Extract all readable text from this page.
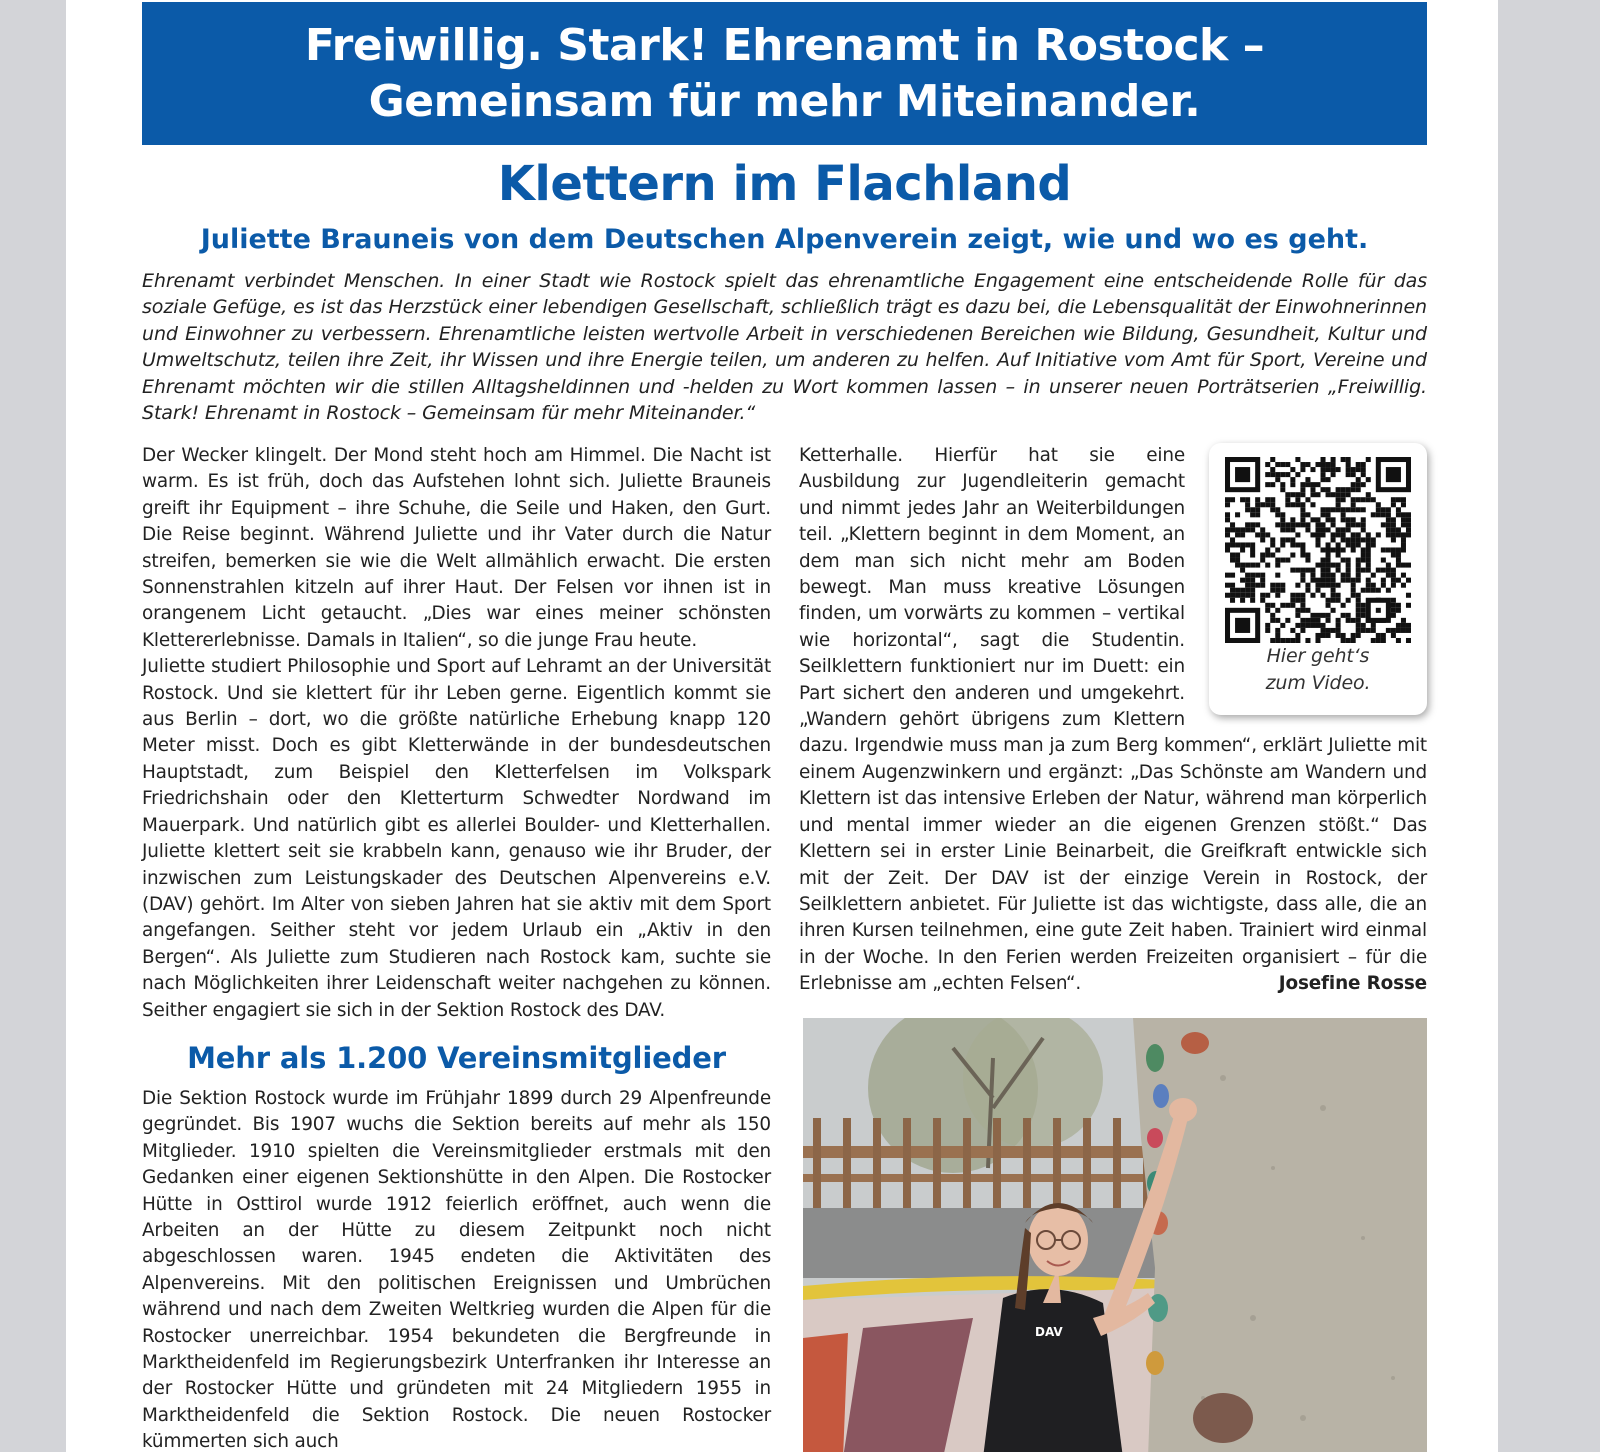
Freiwillig. Stark! Ehrenamt in Rostock –
Gemeinsam für mehr Miteinander.
Klettern im Flachland
Juliette Brauneis von dem Deutschen Alpenverein zeigt, wie und wo es geht.
Ehrenamt verbindet Menschen. In einer Stadt wie Rostock spielt das ehrenamtliche Engagement eine entscheidende Rolle für das soziale Gefüge, es ist das Herzstück einer lebendigen Gesellschaft, schließlich trägt es dazu bei, die Lebensqualität der Einwohnerinnen und Einwohner zu verbessern. Ehrenamtliche leisten wertvolle Arbeit in verschiedenen Bereichen wie Bildung, Gesundheit, Kultur und Umweltschutz, teilen ihre Zeit, ihr Wissen und ihre Energie teilen, um anderen zu helfen. Auf Initiative vom Amt für Sport, Vereine und Ehrenamt möchten wir die stillen Alltagsheldinnen und -helden zu Wort kommen lassen – in unserer neuen Porträtserien „Freiwillig. Stark! Ehrenamt in Rostock – Gemeinsam für mehr Miteinander.“

Der Wecker klingelt. Der Mond steht hoch am Himmel. Die Nacht ist warm. Es ist früh, doch das Aufstehen lohnt sich. Juliette Brauneis greift ihr Equipment – ihre Schuhe, die Seile und Haken, den Gurt. Die Reise beginnt. Während Juliette und ihr Vater durch die Natur streifen, bemerken sie wie die Welt allmählich erwacht. Die ersten Sonnenstrahlen kitzeln auf ihrer Haut. Der Felsen vor ihnen ist in orangenem Licht getaucht. „Dies war eines meiner schönsten Klettererlebnisse. Damals in Italien“, so die junge Frau heute.

Juliette studiert Philosophie und Sport auf Lehramt an der Universität Rostock. Und sie klettert für ihr Leben gerne. Eigentlich kommt sie aus Berlin – dort, wo die größte natürliche Erhebung knapp 120 Meter misst. Doch es gibt Kletterwände in der bundesdeutschen Hauptstadt, zum Beispiel den Kletterfelsen im Volkspark Friedrichshain oder den Kletterturm Schwedter Nordwand im Mauerpark. Und natürlich gibt es allerlei Boulder- und Kletterhallen. Juliette klettert seit sie krabbeln kann, genauso wie ihr Bruder, der inzwischen zum Leistungskader des Deutschen Alpenvereins e.V. (DAV) gehört. Im Alter von sieben Jahren hat sie aktiv mit dem Sport angefangen. Seither steht vor jedem Urlaub ein „Aktiv in den Bergen“. Als Juliette zum Studieren nach Rostock kam, suchte sie nach Möglichkeiten ihrer Leidenschaft weiter nachgehen zu können. Seither engagiert sie sich in der Sektion Rostock des DAV.

Mehr als 1.200 Vereinsmitglieder

Die Sektion Rostock wurde im Frühjahr 1899 durch 29 Alpenfreunde gegründet. Bis 1907 wuchs die Sektion bereits auf mehr als 150 Mitglieder. 1910 spielten die Vereinsmitglieder erstmals mit den Gedanken einer eigenen Sektionshütte in den Alpen. Die Rostocker Hütte in Osttirol wurde 1912 feierlich eröffnet, auch wenn die Arbeiten an der Hütte zu diesem Zeitpunkt noch nicht abgeschlossen waren. 1945 endeten die Aktivitäten des Alpenvereins. Mit den politischen Ereignissen und Umbrüchen während und nach dem Zweiten Weltkrieg wurden die Alpen für die Rostocker unerreichbar. 1954 bekundeten die Bergfreunde in Marktheidenfeld im Regierungsbezirk Unterfranken ihr Interesse an der Rostocker Hütte und gründeten mit 24 Mitgliedern 1955 in Marktheidenfeld die Sektion Rostock. Die neuen Rostocker kümmerten sich auch

Hier geht‘s
zum Video.

Ketterhalle. Hierfür hat sie eine Ausbildung zur Jugendleiterin gemacht und nimmt jedes Jahr an Weiterbildungen teil. „Klettern beginnt in dem Moment, an dem man sich nicht mehr am Boden bewegt. Man muss kreative Lösungen finden, um vorwärts zu kommen – vertikal wie horizontal“, sagt die Studentin. Seilklettern funktioniert nur im Duett: ein Part sichert den anderen und umgekehrt. „Wandern gehört übrigens zum Klettern dazu. Irgendwie muss man ja zum Berg kommen“, erklärt Juliette mit einem Augenzwinkern und ergänzt: „Das Schönste am Wandern und Klettern ist das intensive Erleben der Natur, während man körperlich und mental immer wieder an die eigenen Grenzen stößt.“ Das Klettern sei in erster Linie Beinarbeit, die Greifkraft entwickle sich mit der Zeit. Der DAV ist der einzige Verein in Rostock, der Seilklettern anbietet. Für Juliette ist das wichtigste, dass alle, die an ihren Kursen teilnehmen, eine gute Zeit haben. Trainiert wird einmal in der Woche. In den Ferien werden Freizeiten organisiert – für die Erlebnisse am „echten Felsen“.	Josefine Rosse

DAV
